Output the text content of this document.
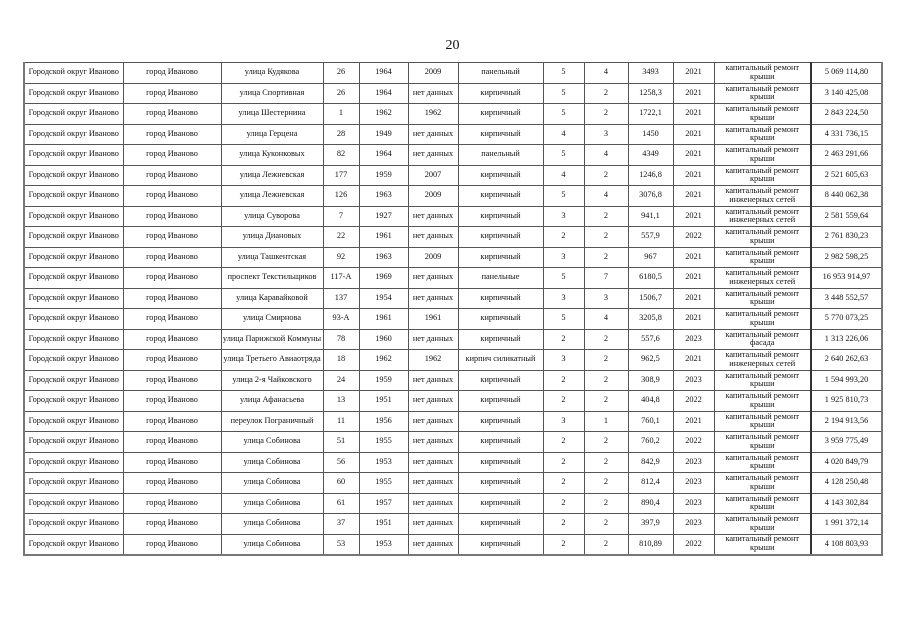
20
Городской округ Иваново	город Иваново	улица Кудякова	26	1964	2009	панельный	5	4	3493	2021	капитальный ремонт крыши	5 069 114,80
Городской округ Иваново	город Иваново	улица Спортивная	26	1964	нет данных	кирпичный	5	2	1258,3	2021	капитальный ремонт крыши	3 140 425,08
Городской округ Иваново	город Иваново	улица Шестернина	1	1962	1962	кирпичный	5	2	1722,1	2021	капитальный ремонт крыши	2 843 224,50
Городской округ Иваново	город Иваново	улица Герцена	28	1949	нет данных	кирпичный	4	3	1450	2021	капитальный ремонт крыши	4 331 736,15
Городской округ Иваново	город Иваново	улица Куконковых	82	1964	нет данных	панельный	5	4	4349	2021	капитальный ремонт крыши	2 463 291,66
Городской округ Иваново	город Иваново	улица Лежневская	177	1959	2007	кирпичный	4	2	1246,8	2021	капитальный ремонт крыши	2 521 605,63
Городской округ Иваново	город Иваново	улица Лежневская	126	1963	2009	кирпичный	5	4	3076,8	2021	капитальный ремонт инженерных сетей	8 440 062,38
Городской округ Иваново	город Иваново	улица Суворова	7	1927	нет данных	кирпичный	3	2	941,1	2021	капитальный ремонт инженерных сетей	2 581 559,64
Городской округ Иваново	город Иваново	улица Диановых	22	1961	нет данных	кирпичный	2	2	557,9	2022	капитальный ремонт крыши	2 761 830,23
Городской округ Иваново	город Иваново	улица Ташкентская	92	1963	2009	кирпичный	3	2	967	2021	капитальный ремонт крыши	2 982 598,25
Городской округ Иваново	город Иваново	проспект Текстильщиков	117-А	1969	нет данных	панельные	5	7	6180,5	2021	капитальный ремонт инженерных сетей	16 953 914,97
Городской округ Иваново	город Иваново	улица Каравайковой	137	1954	нет данных	кирпичный	3	3	1506,7	2021	капитальный ремонт крыши	3 448 552,57
Городской округ Иваново	город Иваново	улица Смирнова	93-А	1961	1961	кирпичный	5	4	3205,8	2021	капитальный ремонт крыши	5 770 073,25
Городской округ Иваново	город Иваново	улица Парижской Коммуны	78	1960	нет данных	кирпичный	2	2	557,6	2023	капитальный ремонт фасада	1 313 226,06
Городской округ Иваново	город Иваново	улица Третьего Авиаотряда	18	1962	1962	кирпич силикатный	3	2	962,5	2021	капитальный ремонт инженерных сетей	2 640 262,63
Городской округ Иваново	город Иваново	улица 2-я Чайковского	24	1959	нет данных	кирпичный	2	2	308,9	2023	капитальный ремонт крыши	1 594 993,20
Городской округ Иваново	город Иваново	улица Афанасьева	13	1951	нет данных	кирпичный	2	2	404,8	2022	капитальный ремонт крыши	1 925 810,73
Городской округ Иваново	город Иваново	переулок Пограничный	11	1956	нет данных	кирпичный	3	1	760,1	2021	капитальный ремонт крыши	2 194 913,56
Городской округ Иваново	город Иваново	улица Собинова	51	1955	нет данных	кирпичный	2	2	760,2	2022	капитальный ремонт крыши	3 959 775,49
Городской округ Иваново	город Иваново	улица Собинова	56	1953	нет данных	кирпичный	2	2	842,9	2023	капитальный ремонт крыши	4 020 849,79
Городской округ Иваново	город Иваново	улица Собинова	60	1955	нет данных	кирпичный	2	2	812,4	2023	капитальный ремонт крыши	4 128 250,48
Городской округ Иваново	город Иваново	улица Собинова	61	1957	нет данных	кирпичный	2	2	890,4	2023	капитальный ремонт крыши	4 143 302,84
Городской округ Иваново	город Иваново	улица Собинова	37	1951	нет данных	кирпичный	2	2	397,9	2023	капитальный ремонт крыши	1 991 372,14
Городской округ Иваново	город Иваново	улица Собинова	53	1953	нет данных	кирпичный	2	2	810,89	2022	капитальный ремонт крыши	4 108 803,93
